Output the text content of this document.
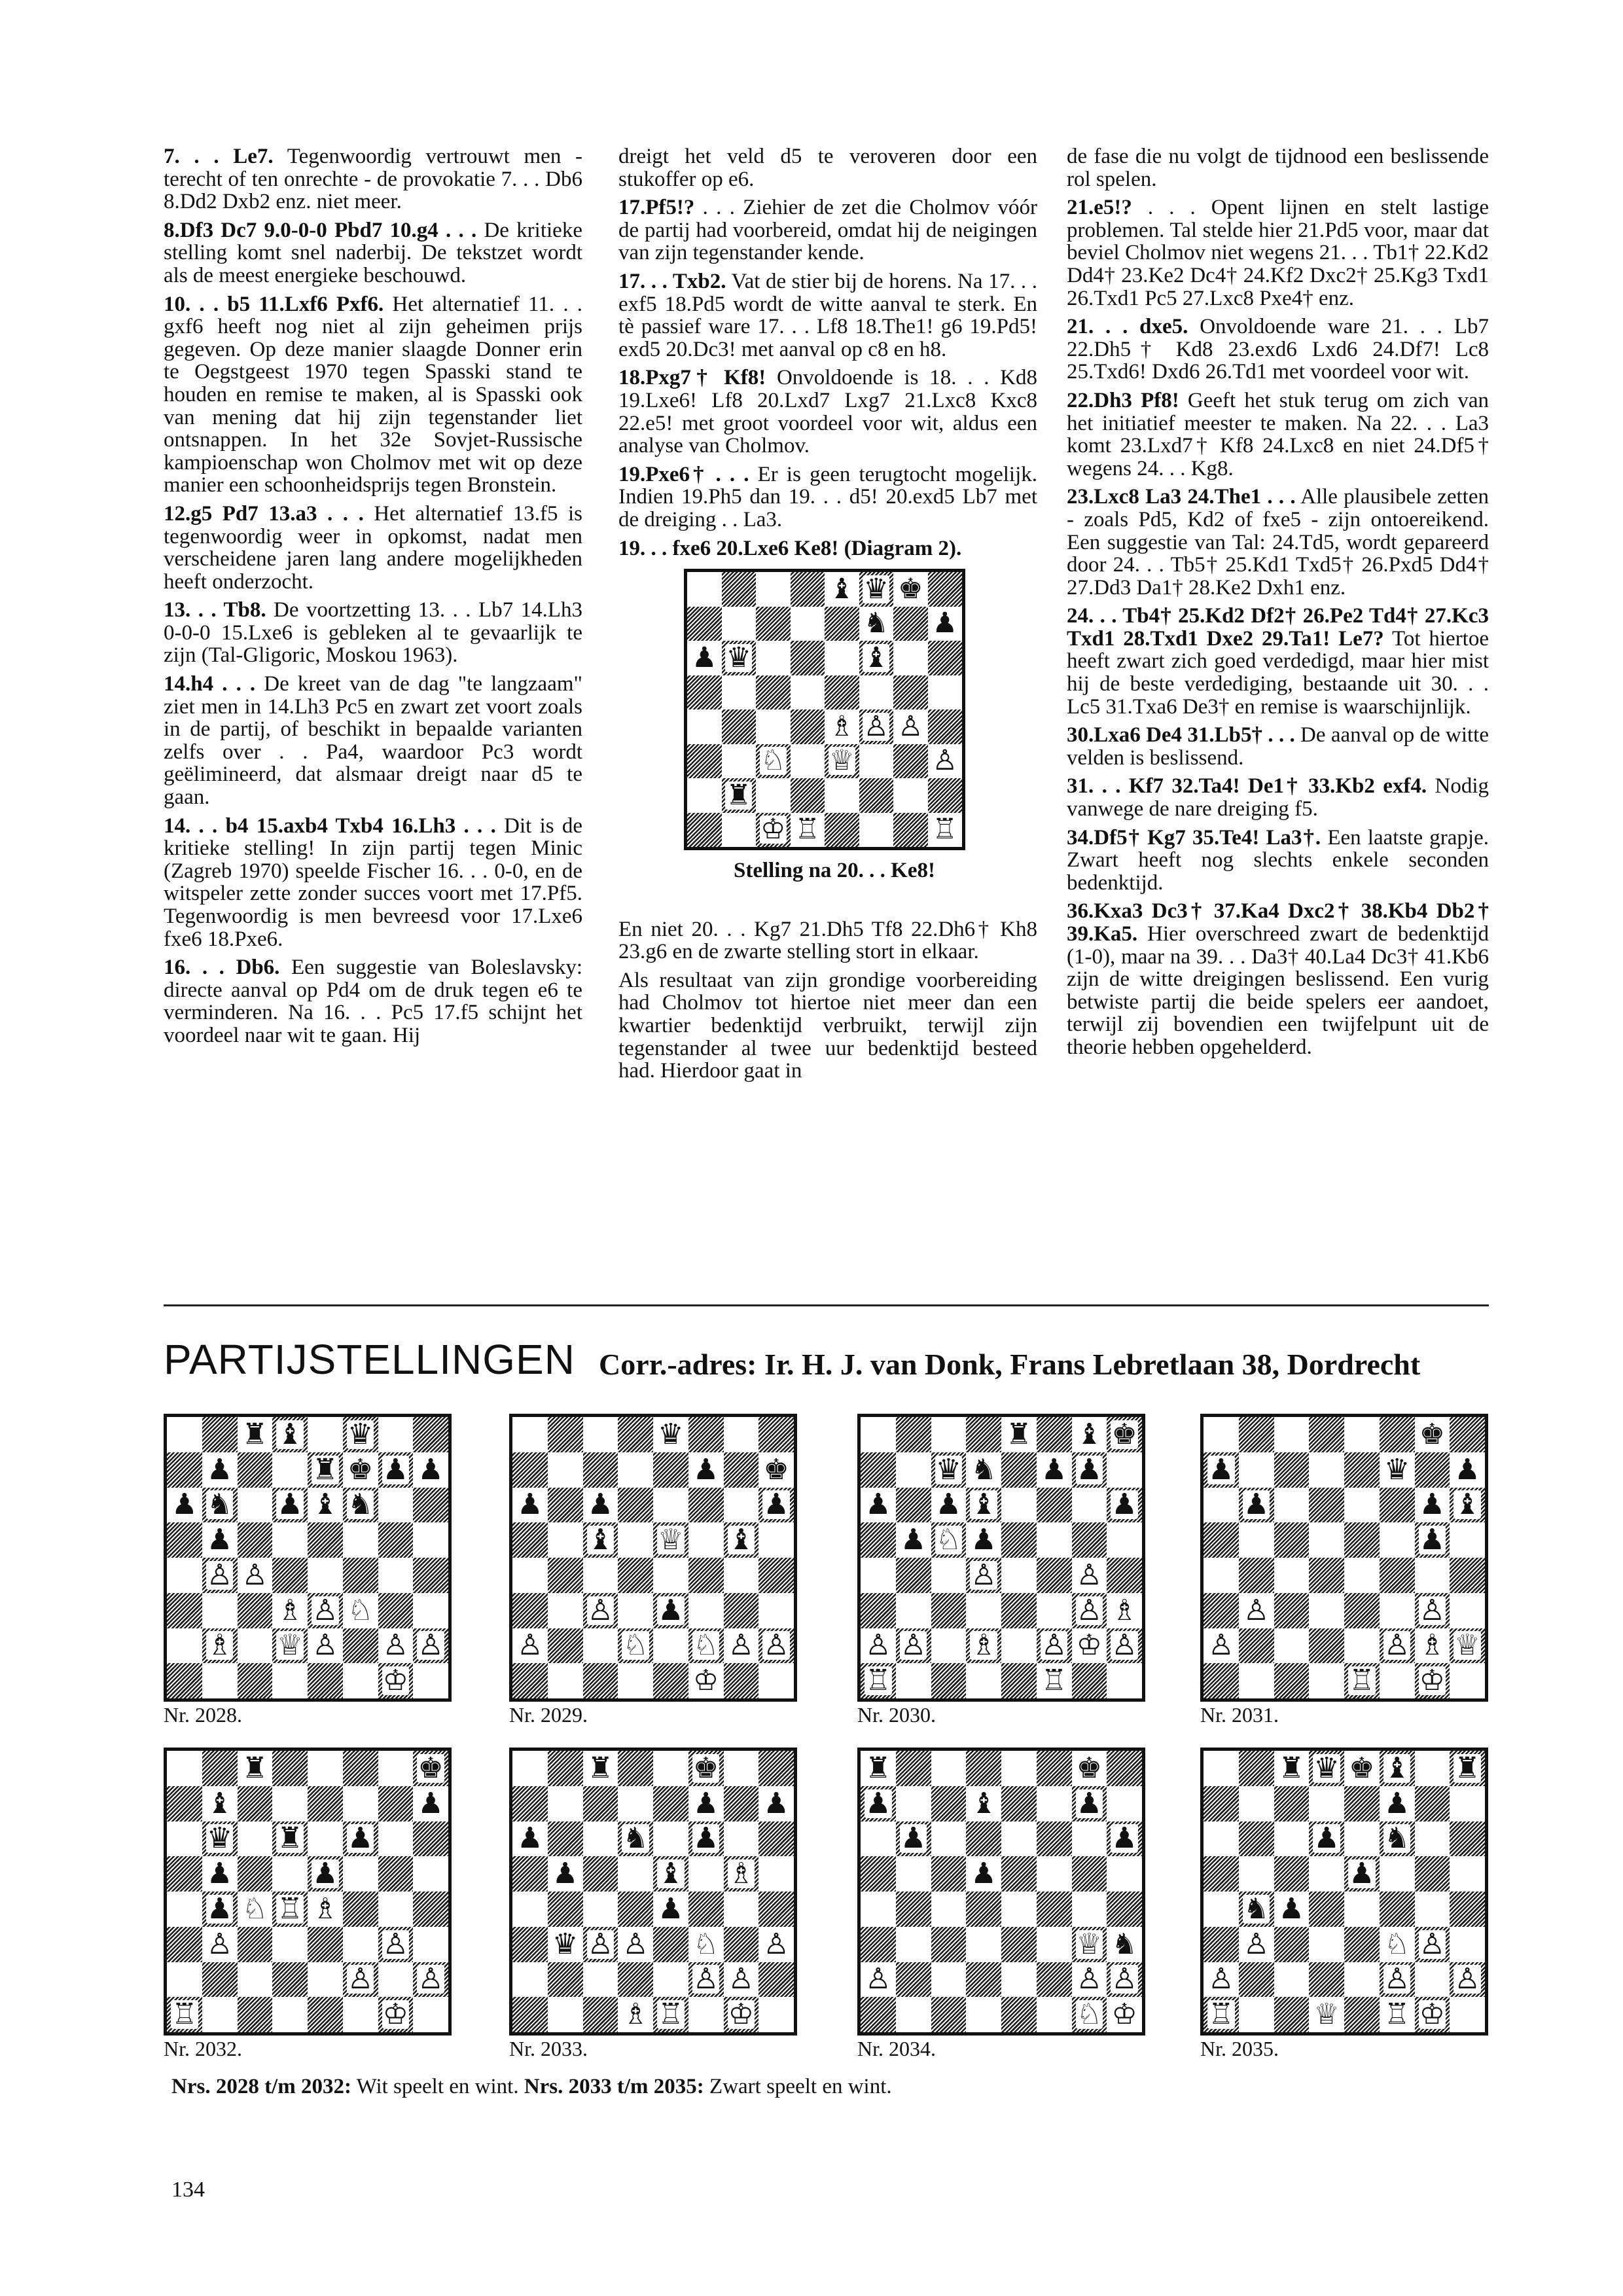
7. . . Le7. Tegenwoordig vertrouwt men - terecht of ten onrechte - de provokatie 7. . . Db6 8.Dd2 Dxb2 enz. niet meer.

8.Df3 Dc7 9.0-0-0 Pbd7 10.g4 . . . De kritieke stelling komt snel naderbij. De tekstzet wordt als de meest energieke beschouwd.

10. . . b5 11.Lxf6 Pxf6. Het alternatief 11. . . gxf6 heeft nog niet al zijn geheimen prijs gegeven. Op deze manier slaagde Donner erin te Oegstgeest 1970 tegen Spasski stand te houden en remise te maken, al is Spasski ook van mening dat hij zijn tegenstander liet ontsnappen. In het 32e Sovjet-Russische kampioenschap won Cholmov met wit op deze manier een schoonheidsprijs tegen Bronstein.

12.g5 Pd7 13.a3 . . . Het alternatief 13.f5 is tegenwoordig weer in opkomst, nadat men verscheidene jaren lang andere mogelijkheden heeft onderzocht.

13. . . Tb8. De voortzetting 13. . . Lb7 14.Lh3 0-0-0 15.Lxe6 is gebleken al te gevaarlijk te zijn (Tal-Gligoric, Moskou 1963).

14.h4 . . . De kreet van de dag "te langzaam" ziet men in 14.Lh3 Pc5 en zwart zet voort zoals in de partij, of beschikt in bepaalde varianten zelfs over . . Pa4, waardoor Pc3 wordt geëlimineerd, dat alsmaar dreigt naar d5 te gaan.

14. . . b4 15.axb4 Txb4 16.Lh3 . . . Dit is de kritieke stelling! In zijn partij tegen Minic (Zagreb 1970) speelde Fischer 16. . . 0-0, en de witspeler zette zonder succes voort met 17.Pf5. Tegenwoordig is men bevreesd voor 17.Lxe6 fxe6 18.Pxe6.

16. . . Db6. Een suggestie van Boleslavsky: directe aanval op Pd4 om de druk tegen e6 te verminderen. Na 16. . . Pc5 17.f5 schijnt het voordeel naar wit te gaan. Hij

dreigt het veld d5 te veroveren door een stukoffer op e6.

17.Pf5!? . . . Ziehier de zet die Cholmov vóór de partij had voorbereid, omdat hij de neigingen van zijn tegenstander kende.

17. . . Txb2. Vat de stier bij de horens. Na 17. . . exf5 18.Pd5 wordt de witte aanval te sterk. En tè passief ware 17. . . Lf8 18.The1! g6 19.Pd5! exd5 20.Dc3! met aanval op c8 en h8.

18.Pxg7† Kf8! Onvoldoende is 18. . . Kd8 19.Lxe6! Lf8 20.Lxd7 Lxg7 21.Lxc8 Kxc8 22.e5! met groot voordeel voor wit, aldus een analyse van Cholmov.

19.Pxe6† . . . Er is geen terugtocht mogelijk. Indien 19.Ph5 dan 19. . . d5! 20.exd5 Lb7 met de dreiging . . La3.

19. . . fxe6 20.Lxe6 Ke8! (Diagram 2).

♝ ♛ ♚
♞ ♟
♟ ♛	♝
♗ ♙ ♙
♘ ♕	♙
♜
♔ ♖	♖
Stelling na 20. . . Ke8!

En niet 20. . . Kg7 21.Dh5 Tf8 22.Dh6† Kh8 23.g6 en de zwarte stelling stort in elkaar.

Als resultaat van zijn grondige voorbereiding had Cholmov tot hiertoe niet meer dan een kwartier bedenktijd verbruikt, terwijl zijn tegenstander al twee uur bedenktijd besteed had. Hierdoor gaat in

de fase die nu volgt de tijdnood een beslissende rol spelen.

21.e5!? . . . Opent lijnen en stelt lastige problemen. Tal stelde hier 21.Pd5 voor, maar dat beviel Cholmov niet wegens 21. . . Tb1† 22.Kd2 Dd4† 23.Ke2 Dc4† 24.Kf2 Dxc2† 25.Kg3 Txd1 26.Txd1 Pc5 27.Lxc8 Pxe4† enz.

21. . . dxe5. Onvoldoende ware 21. . . Lb7 22.Dh5† Kd8 23.exd6 Lxd6 24.Df7! Lc8 25.Txd6! Dxd6 26.Td1 met voordeel voor wit.

22.Dh3 Pf8! Geeft het stuk terug om zich van het initiatief meester te maken. Na 22. . . La3 komt 23.Lxd7† Kf8 24.Lxc8 en niet 24.Df5† wegens 24. . . Kg8.

23.Lxc8 La3 24.The1 . . . Alle plausibele zetten - zoals Pd5, Kd2 of fxe5 - zijn ontoereikend. Een suggestie van Tal: 24.Td5, wordt gepareerd door 24. . . Tb5† 25.Kd1 Txd5† 26.Pxd5 Dd4† 27.Dd3 Da1† 28.Ke2 Dxh1 enz.

24. . . Tb4† 25.Kd2 Df2† 26.Pe2 Td4† 27.Kc3 Txd1 28.Txd1 Dxe2 29.Ta1! Le7? Tot hiertoe heeft zwart zich goed verdedigd, maar hier mist hij de beste verdediging, bestaande uit 30. . . Lc5 31.Txa6 De3† en remise is waarschijnlijk.

30.Lxa6 De4 31.Lb5† . . . De aanval op de witte velden is beslissend.

31. . . Kf7 32.Ta4! De1† 33.Kb2 exf4. Nodig vanwege de nare dreiging f5.

34.Df5† Kg7 35.Te4! La3†. Een laatste grapje. Zwart heeft nog slechts enkele seconden bedenktijd.

36.Kxa3 Dc3† 37.Ka4 Dxc2† 38.Kb4 Db2† 39.Ka5. Hier overschreed zwart de bedenktijd (1-0), maar na 39. . . Da3† 40.La4 Dc3† 41.Kb6 zijn de witte dreigingen beslissend. Een vurig betwiste partij die beide spelers eer aandoet, terwijl zij bovendien een twijfelpunt uit de theorie hebben opgehelderd.

PARTIJSTELLINGEN Corr.-adres: Ir. H. J. van Donk, Frans Lebretlaan 38, Dordrecht
♜ ♝ ♛
♟	♜ ♚ ♟ ♟
♟ ♞ ♟ ♝ ♞
♟
♙ ♙
♗ ♙ ♘
♗ ♕ ♙ ♙ ♙
♔
Nr. 2028.
♛
♟ ♚
♟ ♟	♟
♝ ♕ ♝
♙ ♟
♙	♘ ♘ ♙ ♙
♔
Nr. 2029.
♜ ♝ ♚
♛ ♞ ♟ ♟
♟ ♟ ♝	♟
♟ ♘ ♟
♙	♙
♙ ♗
♙ ♙ ♗ ♙ ♔ ♙
♖	♖
Nr. 2030.
♚
♟	♛ ♟
♟	♟ ♝
♟
♙	♙
♙	♙ ♗ ♕
♖ ♔
Nr. 2031.
♜	♚
♝	♟
♛ ♜ ♟
♟	♟
♟ ♘ ♖ ♗
♙	♙
♙ ♙
♖	♔
Nr. 2032.
♜	♚
♟ ♟
♟	♞ ♟
♟	♝ ♗
♟
♛ ♙ ♙ ♘ ♙
♙ ♙
♗ ♖ ♔
Nr. 2033.
♜	♚
♟	♝	♟
♟	♟
♟
♕ ♞
♙	♙ ♙
♘ ♔
Nr. 2034.
♜ ♛ ♚ ♝ ♜
♟
♟ ♞
♟
♞ ♟
♙	♘ ♙
♙	♙ ♙
♖	♕ ♖ ♔
Nr. 2035.
Nrs. 2028 t/m 2032: Wit speelt en wint. Nrs. 2033 t/m 2035: Zwart speelt en wint.
134
